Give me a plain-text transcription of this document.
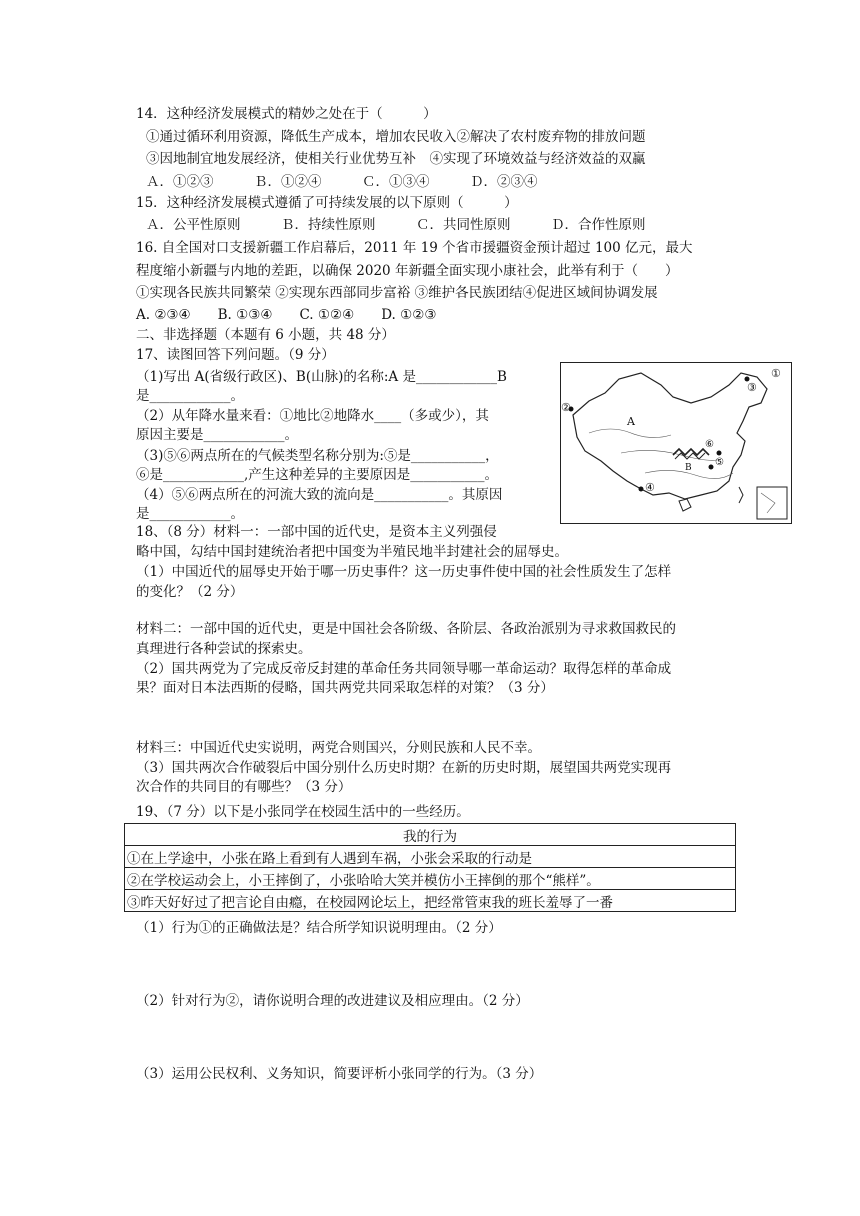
14．这种经济发展模式的精妙之处在于（　　　）
①通过循环利用资源，降低生产成本，增加农民收入②解决了农村废弃物的排放问题
③因地制宜地发展经济，使相关行业优势互补　④实现了环境效益与经济效益的双赢
Ａ．①②③　　　Ｂ．①②④　　　Ｃ．①③④　　　Ｄ．②③④
15．这种经济发展模式遵循了可持续发展的以下原则（　　　）
Ａ．公平性原则　　　Ｂ．持续性原则　　　Ｃ．共同性原则　　　Ｄ．合作性原则
16. 自全国对口支援新疆工作启幕后，2011 年 19 个省市援疆资金预计超过 100 亿元，最大
程度缩小新疆与内地的差距，以确保 2020 年新疆全面实现小康社会，此举有利于（　　）
①实现各民族共同繁荣 ②实现东西部同步富裕 ③维护各民族团结④促进区域间协调发展
A. ②③④　　B. ①③④　　C. ①②④　　D. ①②③
二、非选择题（本题有 6 小题，共 48 分）
17、读图回答下列问题。（9 分）
（1)写出 A(省级行政区)、B(山脉)的名称:A 是____________B
是____________。
（2）从年降水量来看：①地比②地降水____（多或少），其
原因主要是____________。
（3)⑤⑥两点所在的气候类型名称分别为:⑤是___________，
⑥是____________,产生这种差异的主要原因是___________。
（4）⑤⑥两点所在的河流大致的流向是___________。其原因
是____________。
A
B
①
②
③
④
⑤
⑥
18、（8 分）材料一：一部中国的近代史，是资本主义列强侵
略中国，勾结中国封建统治者把中国变为半殖民地半封建社会的屈辱史。
（1）中国近代的屈辱史开始于哪一历史事件？这一历史事件使中国的社会性质发生了怎样
的变化？（2 分）
材料二：一部中国的近代史，更是中国社会各阶级、各阶层、各政治派别为寻求救国救民的
真理进行各种尝试的探索史。
（2）国共两党为了完成反帝反封建的革命任务共同领导哪一革命运动？取得怎样的革命成
果？面对日本法西斯的侵略，国共两党共同采取怎样的对策？（3 分）
材料三：中国近代史实说明，两党合则国兴，分则民族和人民不幸。
（3）国共两次合作破裂后中国分别什么历史时期？在新的历史时期，展望国共两党实现再
次合作的共同目的有哪些？（3 分）
19、（7 分）以下是小张同学在校园生活中的一些经历。
我的行为
①在上学途中，小张在路上看到有人遇到车祸，小张会采取的行动是
②在学校运动会上，小王摔倒了，小张哈哈大笑并模仿小王摔倒的那个“熊样”。
③昨天好好过了把言论自由瘾，在校园网论坛上，把经常管束我的班长羞辱了一番
（1）行为①的正确做法是？结合所学知识说明理由。（2 分）
（2）针对行为②，请你说明合理的改进建议及相应理由。（2 分）
（3）运用公民权利、义务知识，简要评析小张同学的行为。（3 分）
